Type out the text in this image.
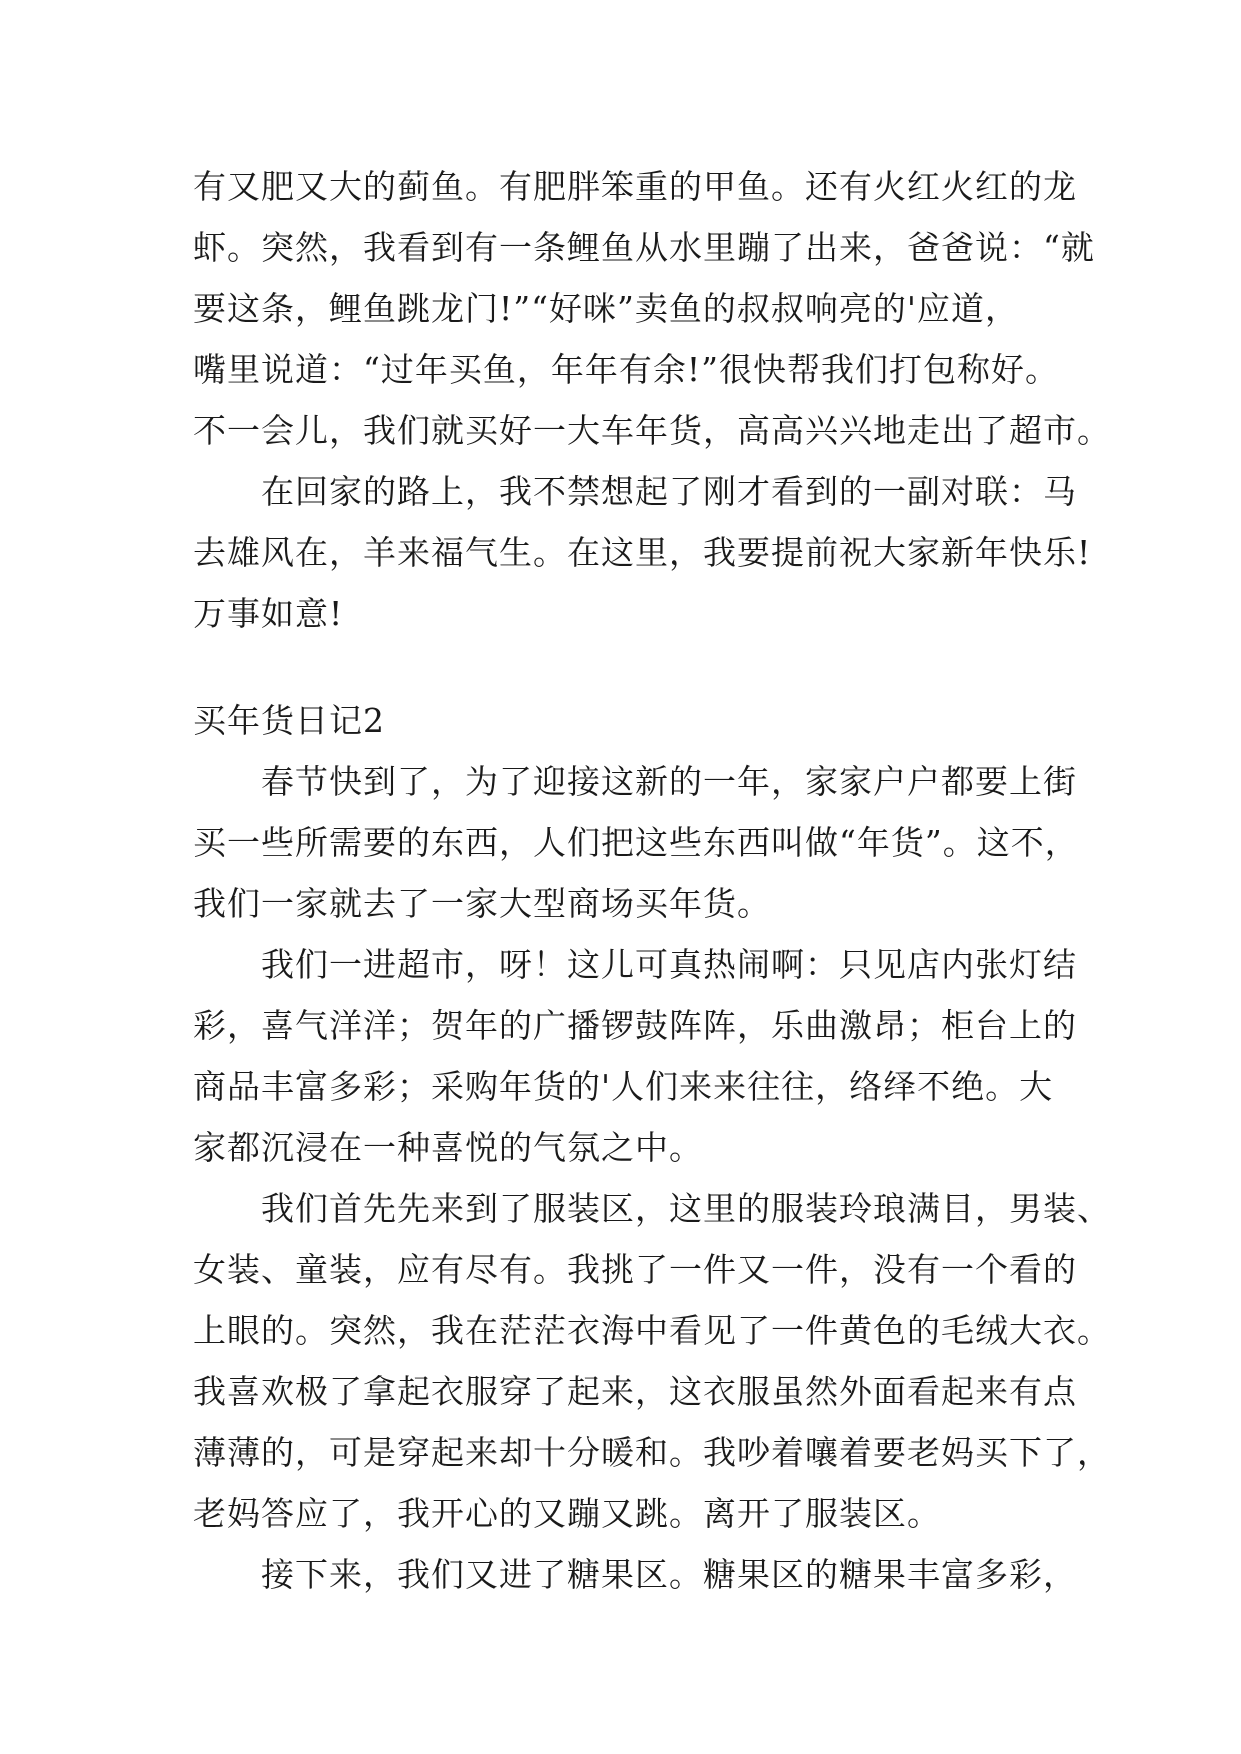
有又肥又大的蓟鱼。有肥胖笨重的甲鱼。还有火红火红的龙
虾。突然，我看到有一条鲤鱼从水里蹦了出来，爸爸说：“就
要这条，鲤鱼跳龙门!”“好咪”卖鱼的叔叔响亮的'应道，
嘴里说道：“过年买鱼，年年有余!”很快帮我们打包称好。
不一会儿，我们就买好一大车年货，高高兴兴地走出了超市。
　　在回家的路上，我不禁想起了刚才看到的一副对联：马
去雄风在，羊来福气生。在这里，我要提前祝大家新年快乐!
万事如意!
买年货日记2
　　春节快到了，为了迎接这新的一年，家家户户都要上街
买一些所需要的东西，人们把这些东西叫做“年货”。这不，
我们一家就去了一家大型商场买年货。
　　我们一进超市，呀！这儿可真热闹啊：只见店内张灯结
彩，喜气洋洋；贺年的广播锣鼓阵阵，乐曲激昂；柜台上的
商品丰富多彩；采购年货的'人们来来往往，络绎不绝。大
家都沉浸在一种喜悦的气氛之中。
　　我们首先先来到了服装区，这里的服装玲琅满目，男装、
女装、童装，应有尽有。我挑了一件又一件，没有一个看的
上眼的。突然，我在茫茫衣海中看见了一件黄色的毛绒大衣。
我喜欢极了拿起衣服穿了起来，这衣服虽然外面看起来有点
薄薄的，可是穿起来却十分暖和。我吵着嚷着要老妈买下了，
老妈答应了，我开心的又蹦又跳。离开了服装区。
　　接下来，我们又进了糖果区。糖果区的糖果丰富多彩，
